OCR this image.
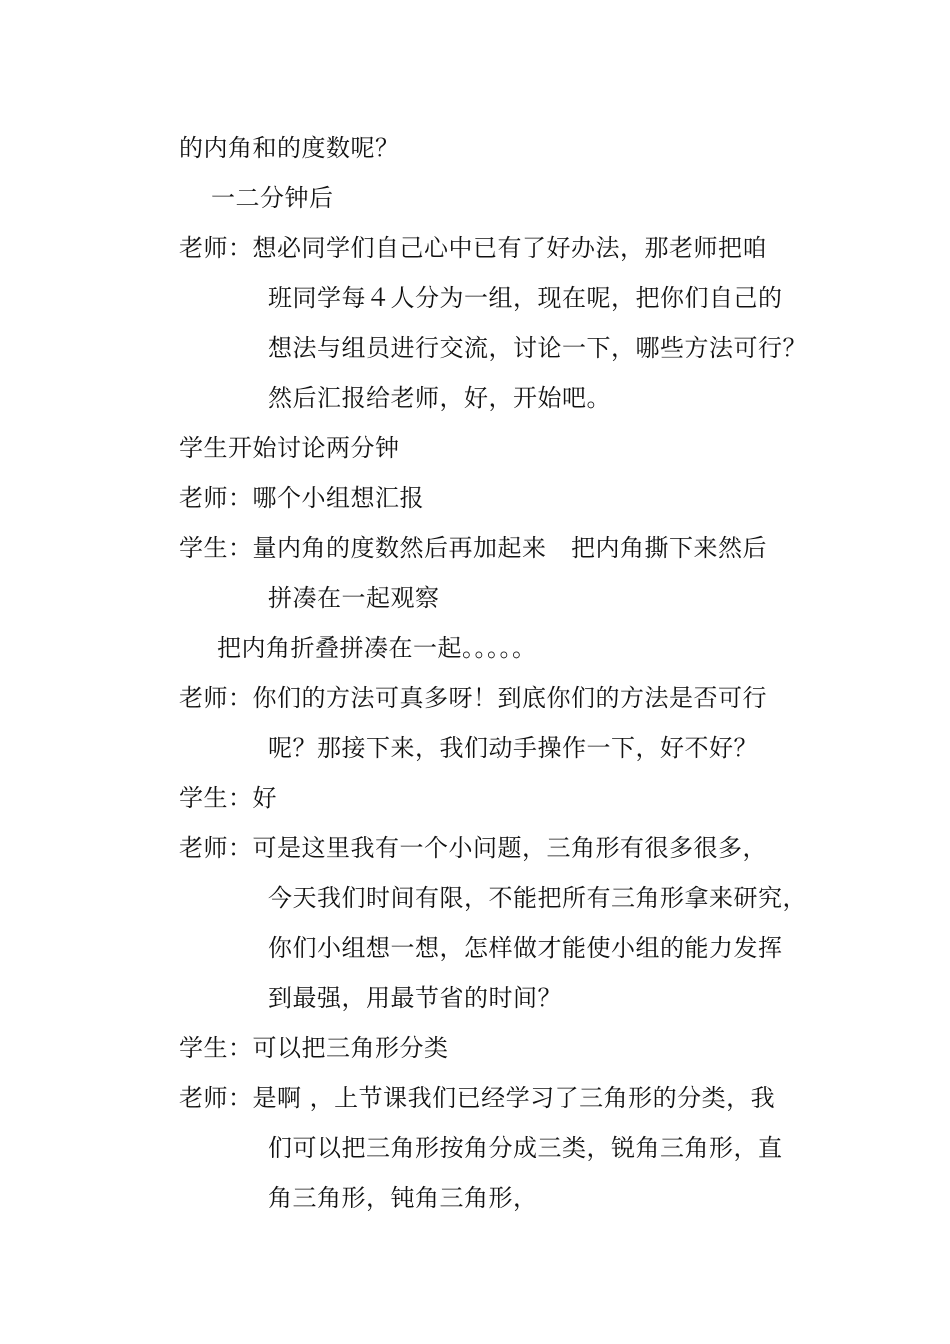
的内角和的度数呢？
一二分钟后
老师：想必同学们自己心中已有了好办法，那老师把咱
班同学每４人分为一组，现在呢，把你们自己的
想法与组员进行交流，讨论一下，哪些方法可行？
然后汇报给老师，好，开始吧。
学生开始讨论两分钟
老师：哪个小组想汇报
学生：量内角的度数然后再加起来　把内角撕下来然后
拼凑在一起观察
把内角折叠拼凑在一起。。。。。
老师：你们的方法可真多呀！到底你们的方法是否可行
呢？那接下来，我们动手操作一下，好不好？
学生：好
老师：可是这里我有一个小问题，三角形有很多很多，
今天我们时间有限，不能把所有三角形拿来研究，
你们小组想一想，怎样做才能使小组的能力发挥
到最强，用最节省的时间？
学生：可以把三角形分类
老师：是啊 ，上节课我们已经学习了三角形的分类，我
们可以把三角形按角分成三类，锐角三角形，直
角三角形，钝角三角形，
